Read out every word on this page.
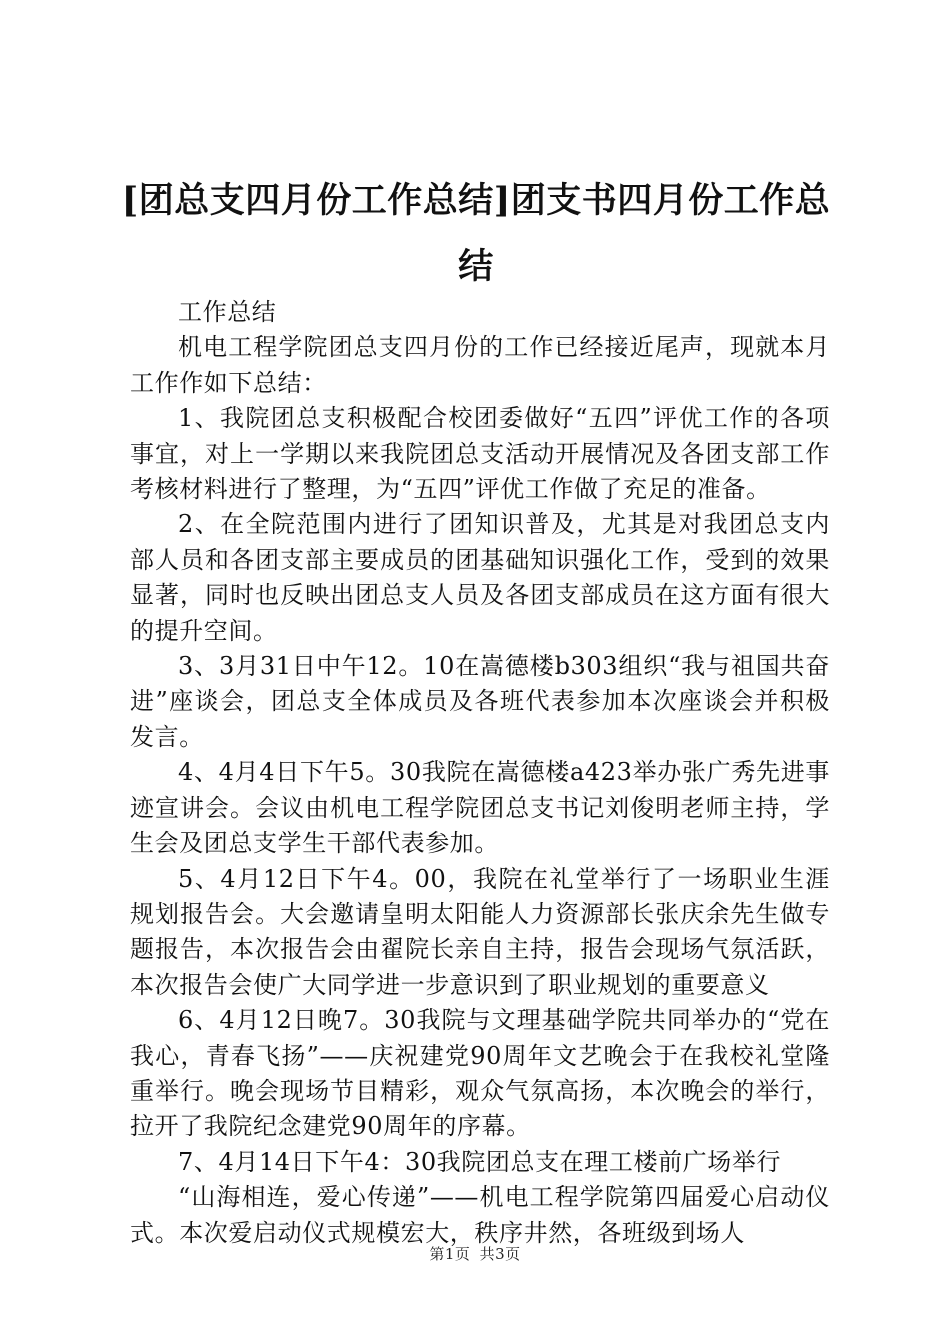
[团总支四月份工作总结]团支书四月份工作总结

工作总结

机电工程学院团总支四月份的工作已经接近尾声，现就本月工作作如下总结：

1、我院团总支积极配合校团委做好“五四”评优工作的各项事宜，对上一学期以来我院团总支活动开展情况及各团支部工作考核材料进行了整理，为“五四”评优工作做了充足的准备。

2、在全院范围内进行了团知识普及，尤其是对我团总支内部人员和各团支部主要成员的团基础知识强化工作，受到的效果显著，同时也反映出团总支人员及各团支部成员在这方面有很大的提升空间。

3、3月31日中午12。10在嵩德楼b303组织“我与祖国共奋进”座谈会，团总支全体成员及各班代表参加本次座谈会并积极发言。

4、4月4日下午5。30我院在嵩德楼a423举办张广秀先进事迹宣讲会。会议由机电工程学院团总支书记刘俊明老师主持，学生会及团总支学生干部代表参加。

5、4月12日下午4。00，我院在礼堂举行了一场职业生涯规划报告会。大会邀请皇明太阳能人力资源部长张庆余先生做专题报告，本次报告会由翟院长亲自主持，报告会现场气氛活跃，本次报告会使广大同学进一步意识到了职业规划的重要意义

6、4月12日晚7。30我院与文理基础学院共同举办的“党在我心，青春飞扬”——庆祝建党90周年文艺晚会于在我校礼堂隆重举行。晚会现场节目精彩，观众气氛高扬，本次晚会的举行，拉开了我院纪念建党90周年的序幕。

7、4月14日下午4：30我院团总支在理工楼前广场举行

“山海相连，爱心传递”——机电工程学院第四届爱心启动仪式。本次爱启动仪式规模宏大，秩序井然，各班级到场人

第1页 共3页
